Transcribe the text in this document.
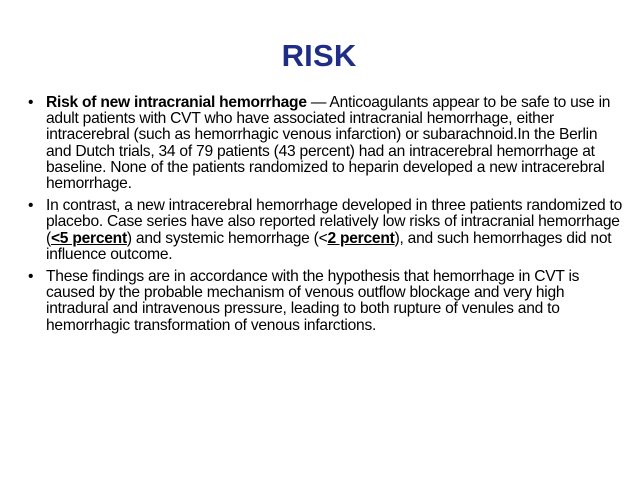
RISK
• Risk of new intracranial hemorrhage — Anticoagulants appear to be safe to use in adult patients with CVT who have associated intracranial hemorrhage, either intracerebral (such as hemorrhagic venous infarction) or subarachnoid.In the Berlin and Dutch trials, 34 of 79 patients (43 percent) had an intracerebral hemorrhage at baseline. None of the patients randomized to heparin developed a new intracerebral hemorrhage.
• In contrast, a new intracerebral hemorrhage developed in three patients randomized to placebo. Case series have also reported relatively low risks of intracranial hemorrhage (<5 percent) and systemic hemorrhage (<2 percent), and such hemorrhages did not influence outcome.
• These findings are in accordance with the hypothesis that hemorrhage in CVT is caused by the probable mechanism of venous outflow blockage and very high intradural and intravenous pressure, leading to both rupture of venules and to hemorrhagic transformation of venous infarctions.
